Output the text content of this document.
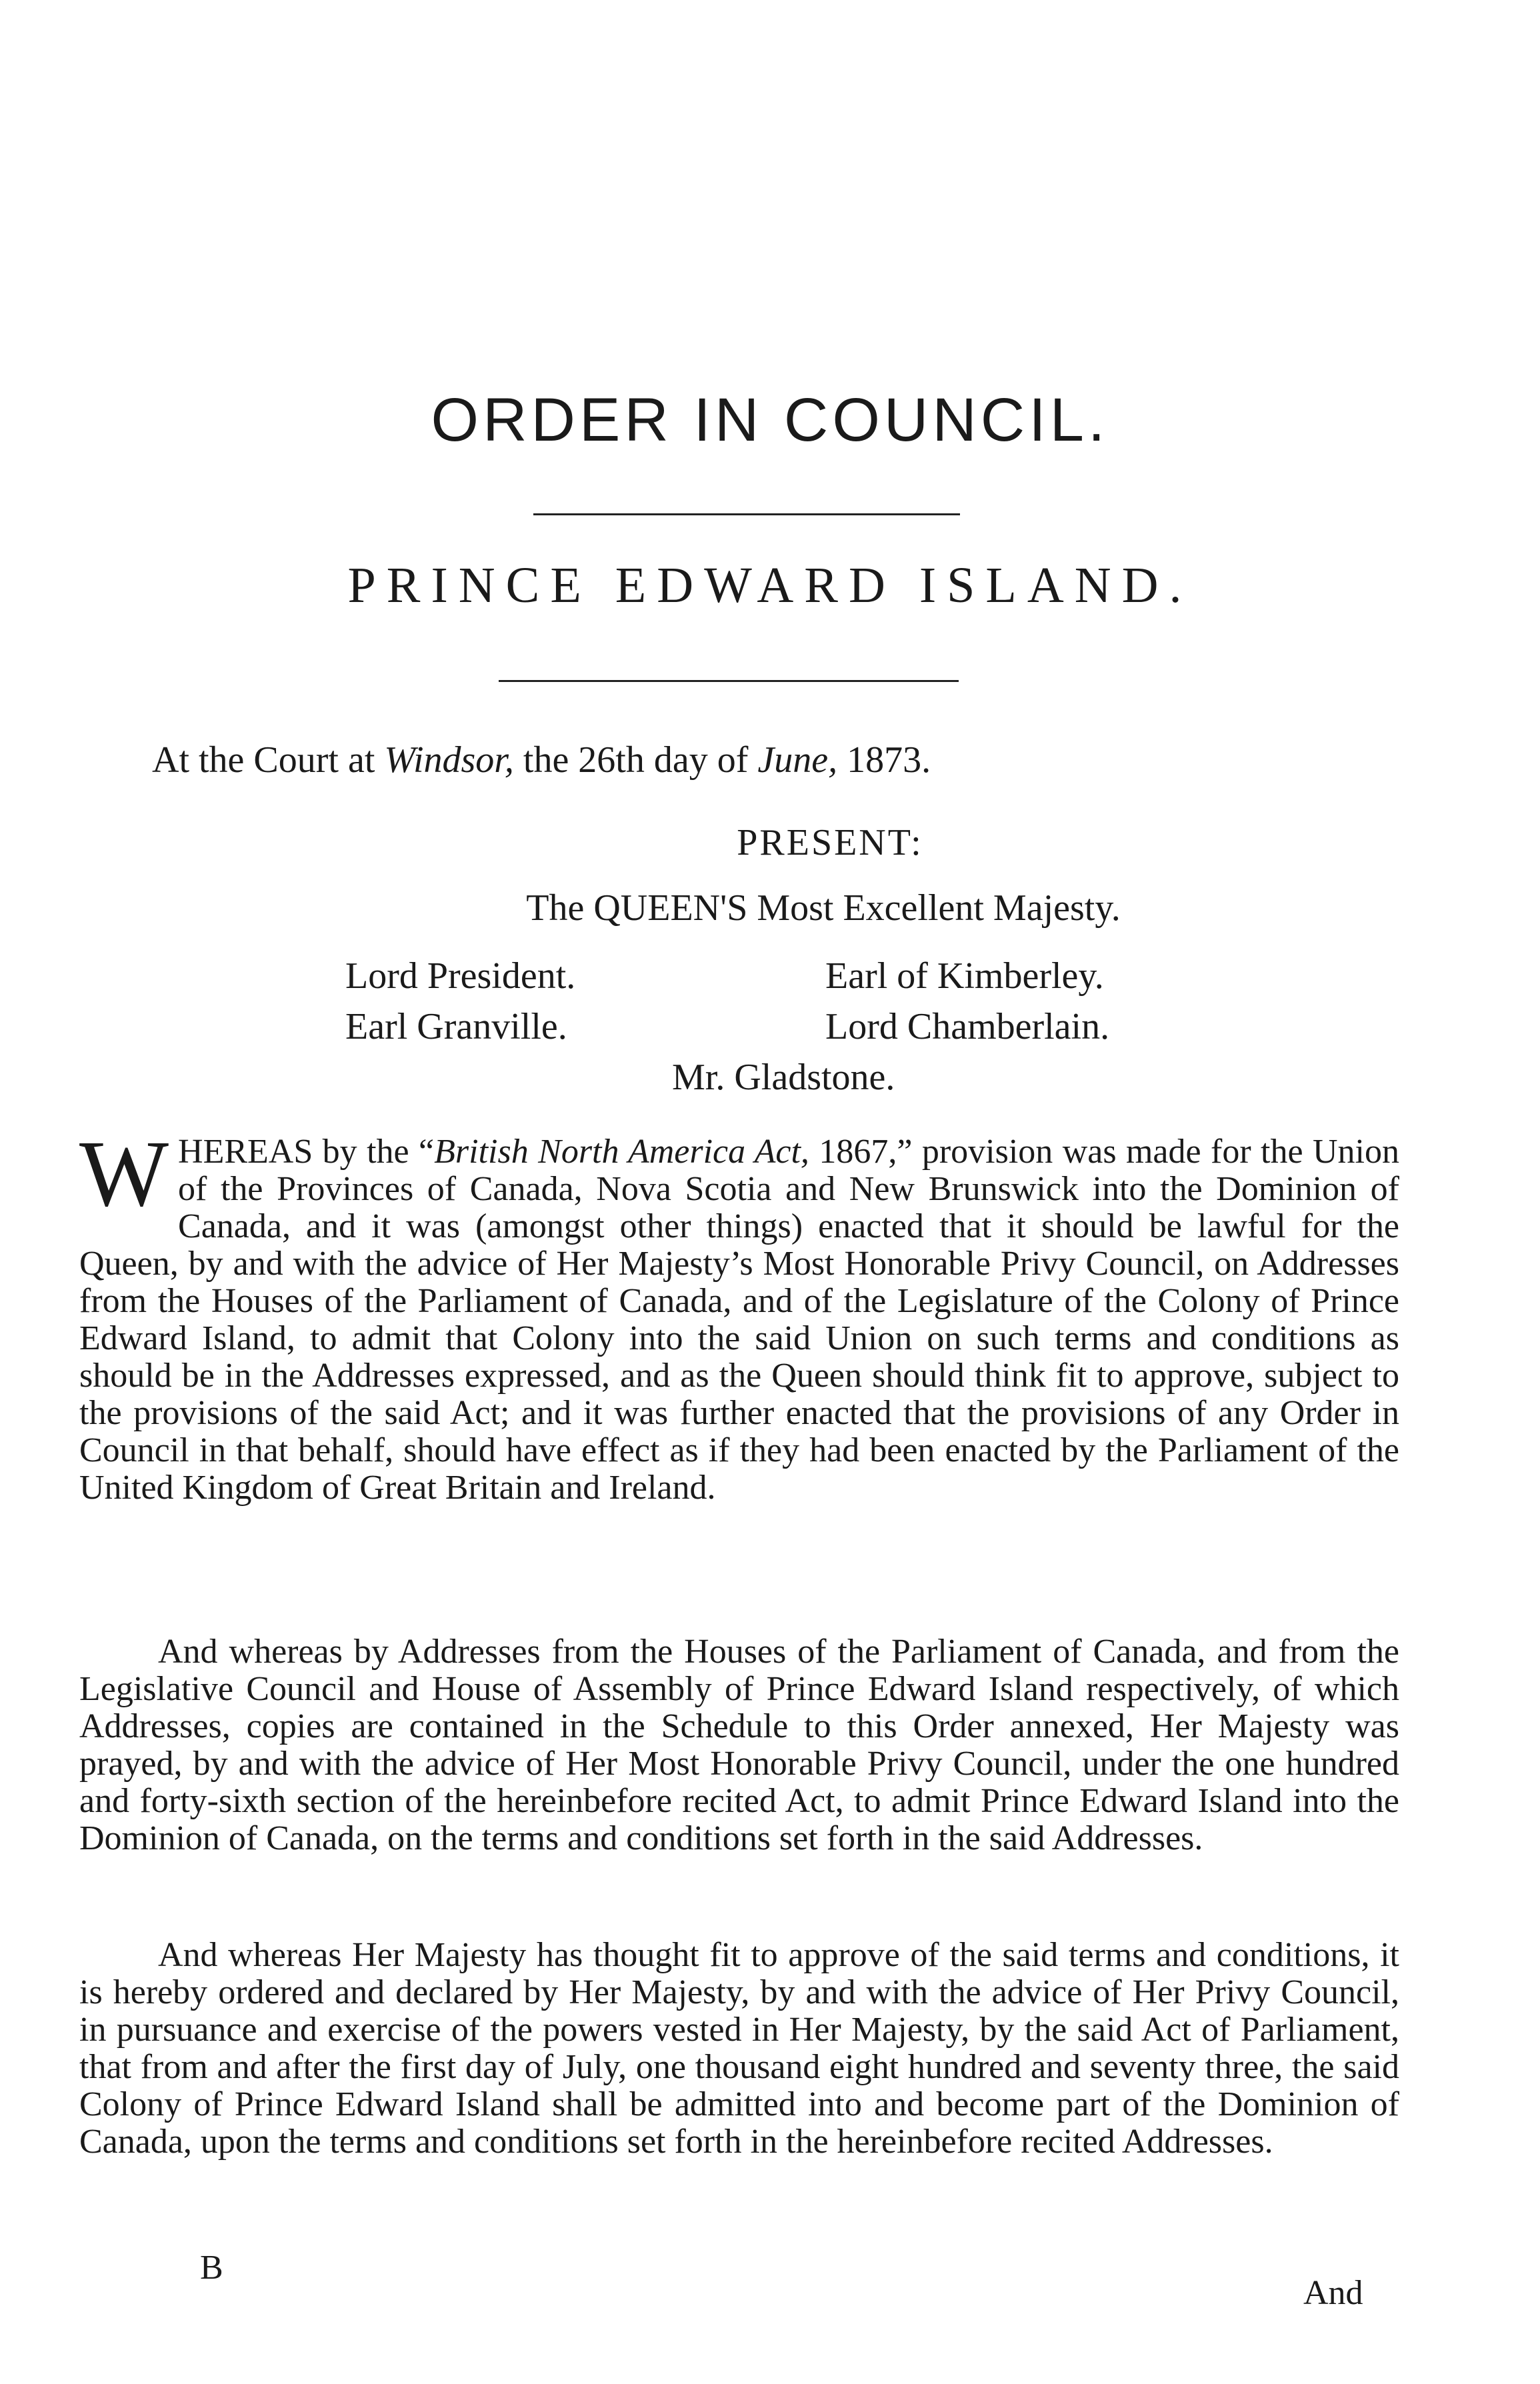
ORDER IN COUNCIL.
PRINCE EDWARD ISLAND.
At the Court at Windsor, the 26th day of June, 1873.
PRESENT:
The QUEEN'S Most Excellent Majesty.
Lord President.
Earl Granville.
Earl of Kimberley.
Lord Chamberlain.
Mr. Gladstone.
WHEREAS by the “British North America Act, 1867,” provision was made for the Union of the Provinces of Canada, Nova Scotia and New Brunswick into the Dominion of Canada, and it was (amongst other things) enacted that it should be lawful for the Queen, by and with the advice of Her Majesty’s Most Honorable Privy Council, on Addresses from the Houses of the Parliament of Canada, and of the Legislature of the Colony of Prince Edward Island, to admit that Colony into the said Union on such terms and conditions as should be in the Addresses expressed, and as the Queen should think fit to approve, subject to the provisions of the said Act; and it was further enacted that the provisions of any Order in Council in that behalf, should have effect as if they had been enacted by the Parliament of the United Kingdom of Great Britain and Ireland.
And whereas by Addresses from the Houses of the Parliament of Canada, and from the Legislative Council and House of Assembly of Prince Edward Island respectively, of which Addresses, copies are contained in the Schedule to this Order annexed, Her Majesty was prayed, by and with the advice of Her Most Honorable Privy Council, under the one hundred and forty-sixth section of the hereinbefore recited Act, to admit Prince Edward Island into the Dominion of Canada, on the terms and conditions set forth in the said Addresses.
And whereas Her Majesty has thought fit to approve of the said terms and conditions, it is hereby ordered and declared by Her Majesty, by and with the advice of Her Privy Council, in pursuance and exercise of the powers vested in Her Majesty, by the said Act of Parliament, that from and after the first day of July, one thousand eight hundred and seventy three, the said Colony of Prince Edward Island shall be admitted into and become part of the Dominion of Canada, upon the terms and conditions set forth in the hereinbefore recited Addresses.
B
And
